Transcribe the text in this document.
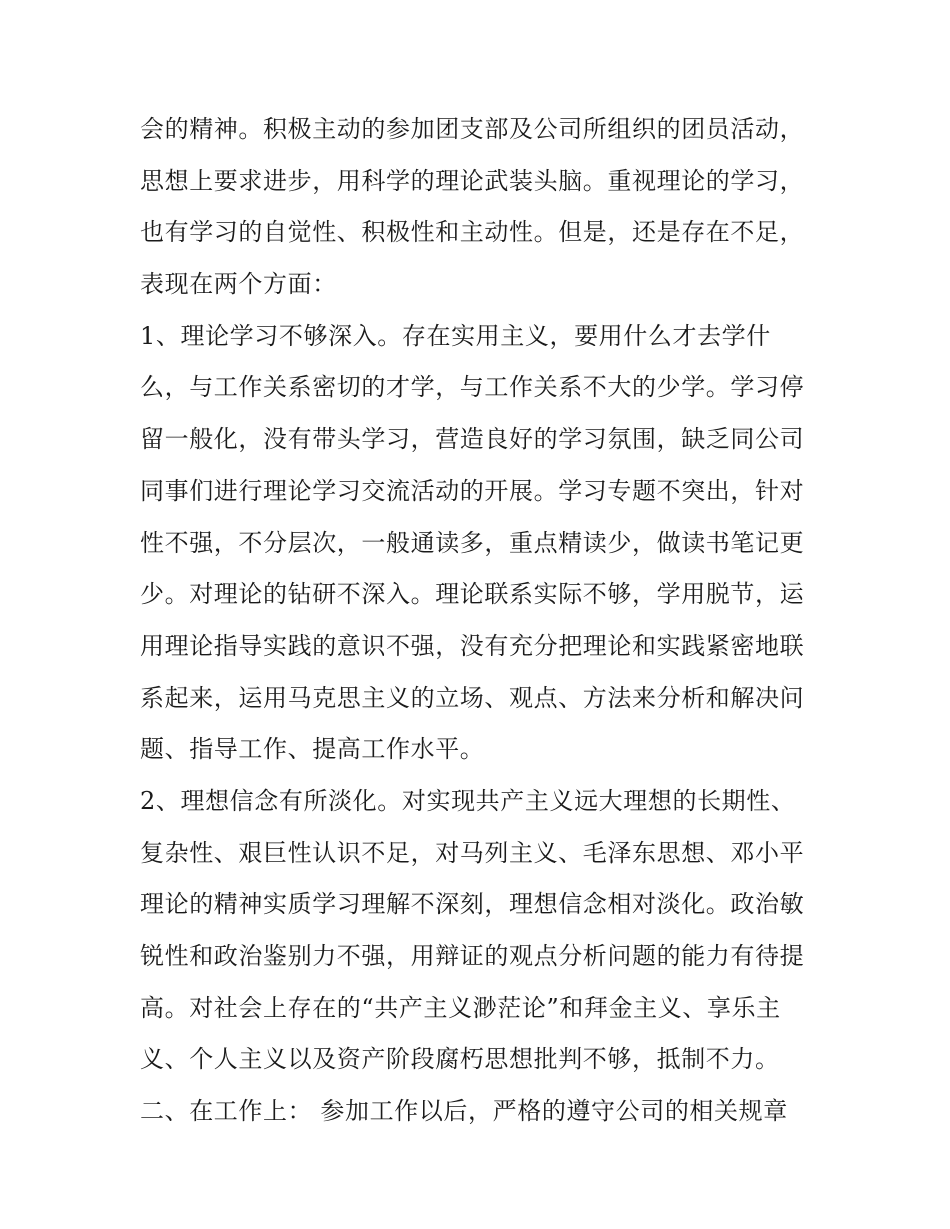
会的精神。积极主动的参加团支部及公司所组织的团员活动，
思想上要求进步，用科学的理论武装头脑。重视理论的学习，
也有学习的自觉性、积极性和主动性。但是，还是存在不足，
表现在两个方面：
1、理论学习不够深入。存在实用主义，要用什么才去学什
么，与工作关系密切的才学，与工作关系不大的少学。学习停
留一般化，没有带头学习，营造良好的学习氛围，缺乏同公司
同事们进行理论学习交流活动的开展。学习专题不突出，针对
性不强，不分层次，一般通读多，重点精读少，做读书笔记更
少。对理论的钻研不深入。理论联系实际不够，学用脱节，运
用理论指导实践的意识不强，没有充分把理论和实践紧密地联
系起来，运用马克思主义的立场、观点、方法来分析和解决问
题、指导工作、提高工作水平。
2、理想信念有所淡化。对实现共产主义远大理想的长期性、
复杂性、艰巨性认识不足，对马列主义、毛泽东思想、邓小平
理论的精神实质学习理解不深刻，理想信念相对淡化。政治敏
锐性和政治鉴别力不强，用辩证的观点分析问题的能力有待提
高。对社会上存在的“共产主义渺茫论”和拜金主义、享乐主
义、个人主义以及资产阶段腐朽思想批判不够，抵制不力。
二、在工作上： 参加工作以后，严格的遵守公司的相关规章
